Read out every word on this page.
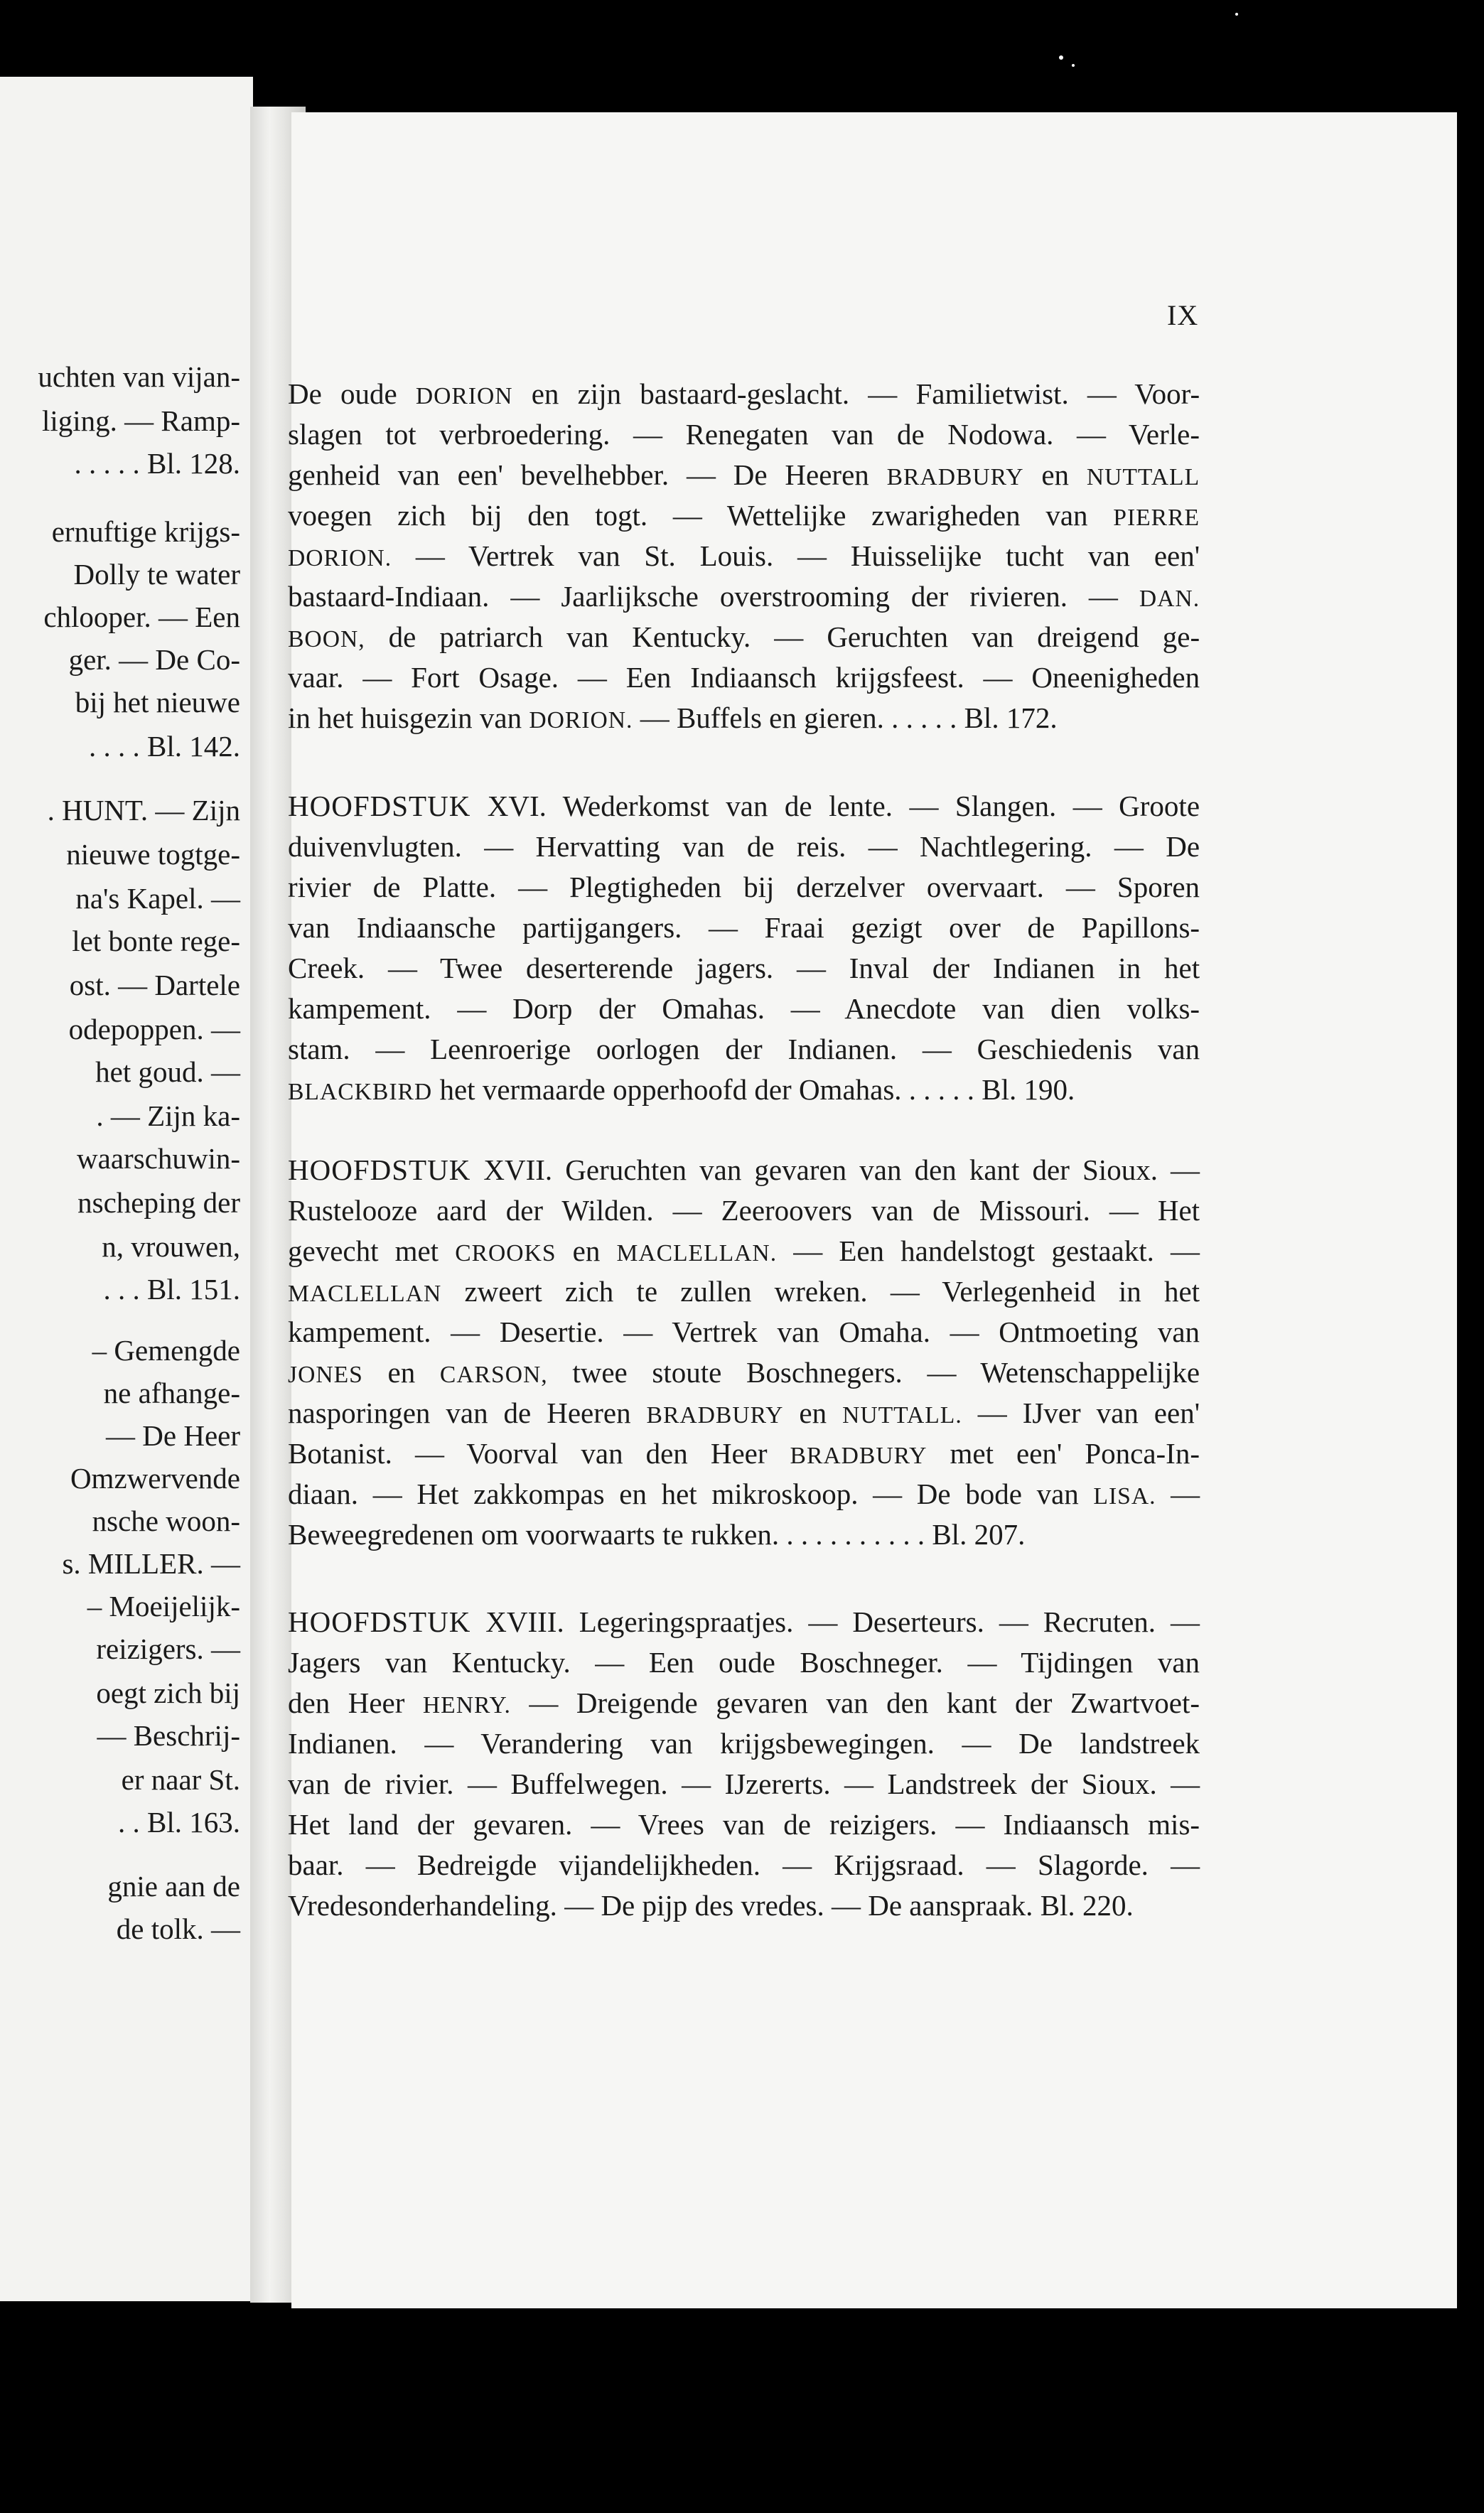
uchten van vijan-
liging. — Ramp-
. . . . . Bl. 128.
ernuftige krijgs-
Dolly te water
chlooper. — Een
ger. — De Co-
bij het nieuwe
. . . . Bl. 142.
. HUNT. — Zijn
nieuwe togtge-
na's Kapel. —
let bonte rege-
ost. — Dartele
odepoppen. —
het goud. —
. — Zijn ka-
waarschuwin-
nscheping der
n, vrouwen,
. . . Bl. 151.
– Gemengde
ne afhange-
— De Heer
Omzwervende
nsche woon-
s. MILLER. —
– Moeijelijk-
reizigers. —
oegt zich bij
— Beschrij-
er naar St.
. . Bl. 163.
gnie aan de
de tolk. —
IX
De oude DORION en zijn bastaard-geslacht. — Familietwist. — Voor-
slagen tot verbroedering. — Renegaten van de Nodowa. — Verle-
genheid van een' bevelhebber. — De Heeren BRADBURY en NUTTALL
voegen zich bij den togt. — Wettelijke zwarigheden van PIERRE
DORION. — Vertrek van St. Louis. — Huisselijke tucht van een'
bastaard-Indiaan. — Jaarlijksche overstrooming der rivieren. — DAN.
BOON, de patriarch van Kentucky. — Geruchten van dreigend ge-
vaar. — Fort Osage. — Een Indiaansch krijgsfeest. — Oneenigheden
in het huisgezin van DORION. — Buffels en gieren. . . . . . Bl. 172.
HOOFDSTUK XVI. Wederkomst van de lente. — Slangen. — Groote
duivenvlugten. — Hervatting van de reis. — Nachtlegering. — De
rivier de Platte. — Plegtigheden bij derzelver overvaart. — Sporen
van Indiaansche partijgangers. — Fraai gezigt over de Papillons-
Creek. — Twee deserterende jagers. — Inval der Indianen in het
kampement. — Dorp der Omahas. — Anecdote van dien volks-
stam. — Leenroerige oorlogen der Indianen. — Geschiedenis van
BLACKBIRD het vermaarde opperhoofd der Omahas. . . . . . Bl. 190.
HOOFDSTUK XVII. Geruchten van gevaren van den kant der Sioux. —
Rustelooze aard der Wilden. — Zeeroovers van de Missouri. — Het
gevecht met CROOKS en MACLELLAN. — Een handelstogt gestaakt. —
MACLELLAN zweert zich te zullen wreken. — Verlegenheid in het
kampement. — Desertie. — Vertrek van Omaha. — Ontmoeting van
JONES en CARSON, twee stoute Boschnegers. — Wetenschappelijke
nasporingen van de Heeren BRADBURY en NUTTALL. — IJver van een'
Botanist. — Voorval van den Heer BRADBURY met een' Ponca-In-
diaan. — Het zakkompas en het mikroskoop. — De bode van LISA. —
Beweegredenen om voorwaarts te rukken. . . . . . . . . . . Bl. 207.
HOOFDSTUK XVIII. Legeringspraatjes. — Deserteurs. — Recruten. —
Jagers van Kentucky. — Een oude Boschneger. — Tijdingen van
den Heer HENRY. — Dreigende gevaren van den kant der Zwartvoet-
Indianen. — Verandering van krijgsbewegingen. — De landstreek
van de rivier. — Buffelwegen. — IJzererts. — Landstreek der Sioux. —
Het land der gevaren. — Vrees van de reizigers. — Indiaansch mis-
baar. — Bedreigde vijandelijkheden. — Krijgsraad. — Slagorde. —
Vredesonderhandeling. — De pijp des vredes. — De aanspraak. Bl. 220.
